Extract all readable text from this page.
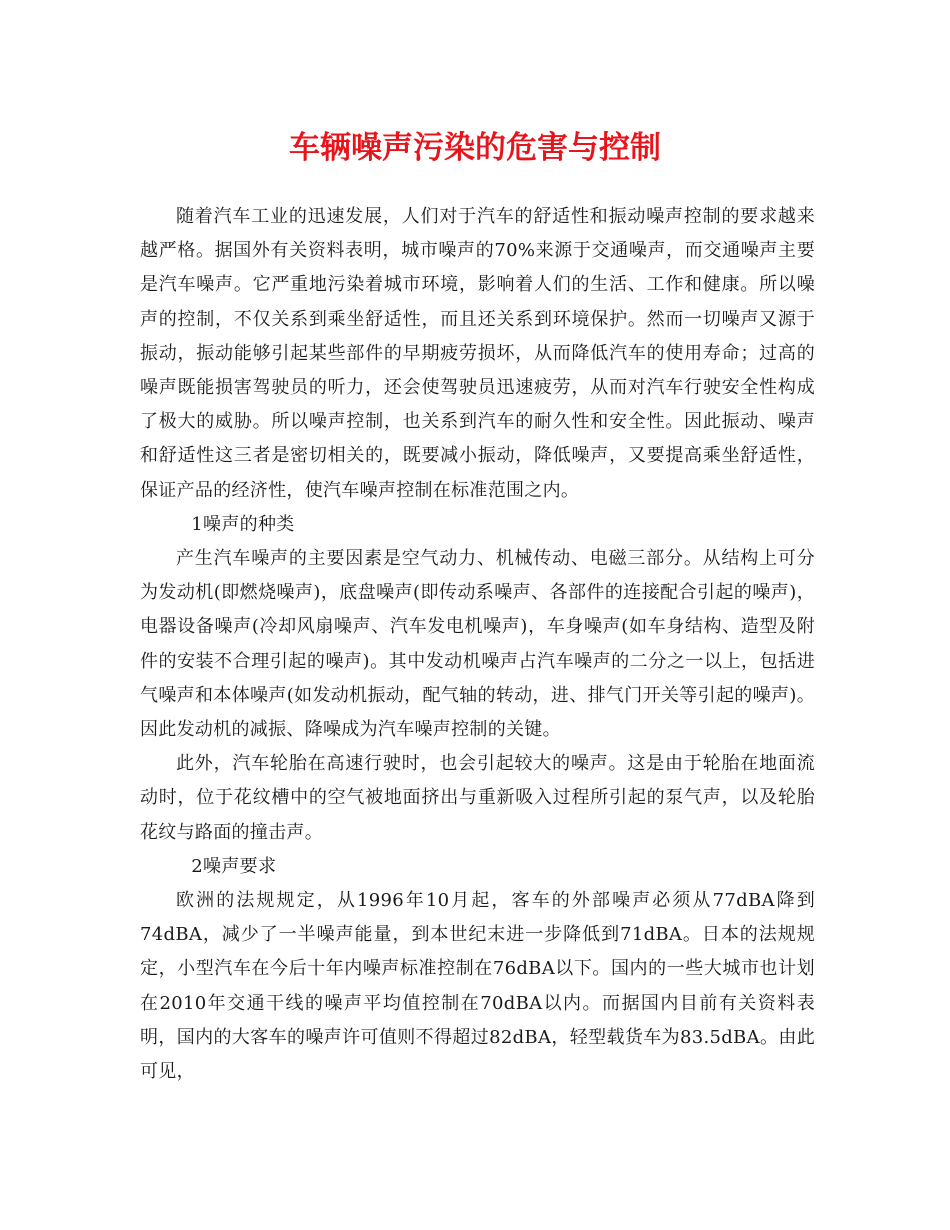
车辆噪声污染的危害与控制

随着汽车工业的迅速发展，人们对于汽车的舒适性和振动噪声控制的要求越来越严格。据国外有关资料表明，城市噪声的70%来源于交通噪声，而交通噪声主要是汽车噪声。它严重地污染着城市环境，影响着人们的生活、工作和健康。所以噪声的控制，不仅关系到乘坐舒适性，而且还关系到环境保护。然而一切噪声又源于振动，振动能够引起某些部件的早期疲劳损坏，从而降低汽车的使用寿命；过高的噪声既能损害驾驶员的听力，还会使驾驶员迅速疲劳，从而对汽车行驶安全性构成了极大的威胁。所以噪声控制，也关系到汽车的耐久性和安全性。因此振动、噪声和舒适性这三者是密切相关的，既要减小振动，降低噪声，又要提高乘坐舒适性，保证产品的经济性，使汽车噪声控制在标准范围之内。

1噪声的种类

产生汽车噪声的主要因素是空气动力、机械传动、电磁三部分。从结构上可分为发动机(即燃烧噪声)，底盘噪声(即传动系噪声、各部件的连接配合引起的噪声)，电器设备噪声(冷却风扇噪声、汽车发电机噪声)，车身噪声(如车身结构、造型及附件的安装不合理引起的噪声)。其中发动机噪声占汽车噪声的二分之一以上，包括进气噪声和本体噪声(如发动机振动，配气轴的转动，进、排气门开关等引起的噪声)。因此发动机的减振、降噪成为汽车噪声控制的关键。

此外，汽车轮胎在高速行驶时，也会引起较大的噪声。这是由于轮胎在地面流动时，位于花纹槽中的空气被地面挤出与重新吸入过程所引起的泵气声，以及轮胎花纹与路面的撞击声。

2噪声要求

欧洲的法规规定，从1996年10月起，客车的外部噪声必须从77dBA降到74dBA，减少了一半噪声能量，到本世纪末进一步降低到71dBA。日本的法规规定，小型汽车在今后十年内噪声标准控制在76dBA以下。国内的一些大城市也计划在2010年交通干线的噪声平均值控制在70dBA以内。而据国内目前有关资料表明，国内的大客车的噪声许可值则不得超过82dBA，轻型载货车为83.5dBA。由此可见，
